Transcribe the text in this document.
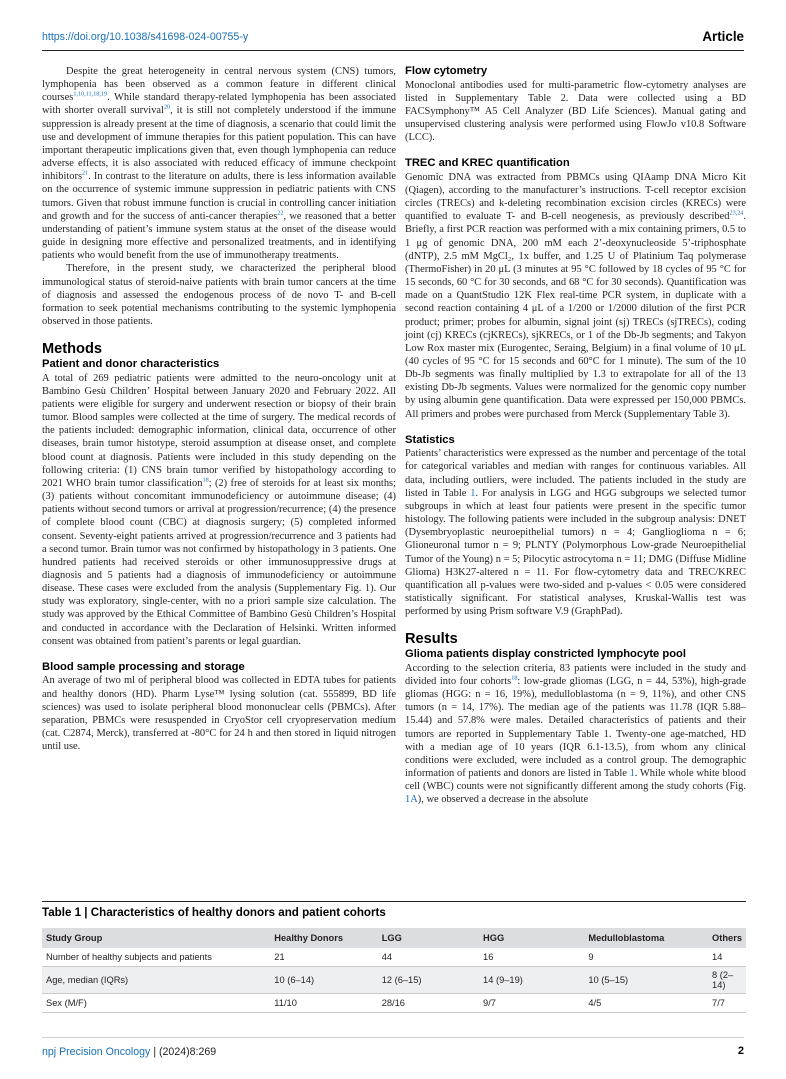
https://doi.org/10.1038/s41698-024-00755-y	Article

Despite the great heterogeneity in central nervous system (CNS) tumors, lymphopenia has been observed as a common feature in different clinical courses$^{1,10,11,18,19}$. While standard therapy-related lymphopenia has been associated with shorter overall survival$^{20}$, it is still not completely understood if the immune suppression is already present at the time of diagnosis, a scenario that could limit the use and development of immune therapies for this patient population. This can have important therapeutic implications given that, even though lymphopenia can reduce adverse effects, it is also associated with reduced efficacy of immune checkpoint inhibitors$^{21}$. In contrast to the literature on adults, there is less information available on the occurrence of systemic immune suppression in pediatric patients with CNS tumors. Given that robust immune function is crucial in controlling cancer initiation and growth and for the success of anti-cancer therapies$^{22}$, we reasoned that a better understanding of patient’s immune system status at the onset of the disease would guide in designing more effective and personalized treatments, and in identifying patients who would benefit from the use of immunotherapy treatments.

Therefore, in the present study, we characterized the peripheral blood immunological status of steroid-naive patients with brain tumor cancers at the time of diagnosis and assessed the endogenous process of de novo T- and B-cell formation to seek potential mechanisms contributing to the systemic lymphopenia observed in those patients.

Methods
Patient and donor characteristics

A total of 269 pediatric patients were admitted to the neuro-oncology unit at Bambino Gesù Children’ Hospital between January 2020 and February 2022. All patients were eligible for surgery and underwent resection or biopsy of their brain tumor. Blood samples were collected at the time of surgery. The medical records of the patients included: demographic information, clinical data, occurrence of other diseases, brain tumor histotype, steroid assumption at disease onset, and complete blood count at diagnosis. Patients were included in this study depending on the following criteria: (1) CNS brain tumor verified by histopathology according to 2021 WHO brain tumor classification$^{18}$; (2) free of steroids for at least six months; (3) patients without concomitant immunodeficiency or autoimmune disease; (4) patients without second tumors or arrival at progression/recurrence; (4) the presence of complete blood count (CBC) at diagnosis surgery; (5) completed informed consent. Seventy-eight patients arrived at progression/recurrence and 3 patients had a second tumor. Brain tumor was not confirmed by histopathology in 3 patients. One hundred patients had received steroids or other immunosuppressive drugs at diagnosis and 5 patients had a diagnosis of immunodeficiency or autoimmune disease. These cases were excluded from the analysis (Supplementary Fig. 1). Our study was exploratory, single-center, with no a priori sample size calculation. The study was approved by the Ethical Committee of Bambino Gesù Children’s Hospital and conducted in accordance with the Declaration of Helsinki. Written informed consent was obtained from patient’s parents or legal guardian.

Blood sample processing and storage

An average of two ml of peripheral blood was collected in EDTA tubes for patients and healthy donors (HD). Pharm Lyse™ lysing solution (cat. 555899, BD life sciences) was used to isolate peripheral blood mononuclear cells (PBMCs). After separation, PBMCs were resuspended in CryoStor cell cryopreservation medium (cat. C2874, Merck), transferred at -80°C for 24 h and then stored in liquid nitrogen until use.

Flow cytometry

Monoclonal antibodies used for multi-parametric flow-cytometry analyses are listed in Supplementary Table 2. Data were collected using a BD FACSymphony™ A5 Cell Analyzer (BD Life Sciences). Manual gating and unsupervised clustering analysis were performed using FlowJo v10.8 Software (LCC).

TREC and KREC quantification

Genomic DNA was extracted from PBMCs using QIAamp DNA Micro Kit (Qiagen), according to the manufacturer’s instructions. T-cell receptor excision circles (TRECs) and k-deleting recombination excision circles (KRECs) were quantified to evaluate T- and B-cell neogenesis, as previously described$^{23,24}$. Briefly, a first PCR reaction was performed with a mix containing primers, 0.5 to 1 μg of genomic DNA, 200 mM each 2’-deoxynucleoside 5’-triphosphate (dNTP), 2.5 mM MgCl₂, 1x buffer, and 1.25 U of Platinium Taq polymerase (ThermoFisher) in 20 μL (3 minutes at 95 °C followed by 18 cycles of 95 °C for 15 seconds, 60 °C for 30 seconds, and 68 °C for 30 seconds). Quantification was made on a QuantStudio 12K Flex real-time PCR system, in duplicate with a second reaction containing 4 μL of a 1/200 or 1/2000 dilution of the first PCR product; primer; probes for albumin, signal joint (sj) TRECs (sjTRECs), coding joint (cj) KRECs (cjKRECs), sjKRECs, or 1 of the Db-Jb segments; and Takyon Low Rox master mix (Eurogentec, Seraing, Belgium) in a final volume of 10 μL (40 cycles of 95 °C for 15 seconds and 60°C for 1 minute). The sum of the 10 Db-Jb segments was finally multiplied by 1.3 to extrapolate for all of the 13 existing Db-Jb segments. Values were normalized for the genomic copy number by using albumin gene quantification. Data were expressed per 150,000 PBMCs. All primers and probes were purchased from Merck (Supplementary Table 3).

Statistics

Patients’ characteristics were expressed as the number and percentage of the total for categorical variables and median with ranges for continuous variables. All data, including outliers, were included. The patients included in the study are listed in Table 1. For analysis in LGG and HGG subgroups we selected tumor subgroups in which at least four patients were present in the specific tumor histology. The following patients were included in the subgroup analysis: DNET (Dysembryoplastic neuroepithelial tumors) n = 4; Ganglioglioma n = 6; Glioneuronal tumor n = 9; PLNTY (Polymorphous Low-grade Neuroepithelial Tumor of the Young) n = 5; Pilocytic astrocytoma n = 11; DMG (Diffuse Midline Glioma) H3K27-altered n = 11. For flow-cytometry data and TREC/KREC quantification all p-values were two-sided and p-values < 0.05 were considered statistically significant. For statistical analyses, Kruskal-Wallis test was performed by using Prism software V.9 (GraphPad).

Results
Glioma patients display constricted lymphocyte pool

According to the selection criteria, 83 patients were included in the study and divided into four cohorts$^{18}$: low-grade gliomas (LGG, n = 44, 53%), high-grade gliomas (HGG: n = 16, 19%), medulloblastoma (n = 9, 11%), and other CNS tumors (n = 14, 17%). The median age of the patients was 11.78 (IQR 5.88–15.44) and 57.8% were males. Detailed characteristics of patients and their tumors are reported in Supplementary Table 1. Twenty-one age-matched, HD with a median age of 10 years (IQR 6.1-13.5), from whom any clinical conditions were excluded, were included as a control group. The demographic information of patients and donors are listed in Table 1. While whole white blood cell (WBC) counts were not significantly different among the study cohorts (Fig. 1A), we observed a decrease in the absolute

Table 1 | Characteristics of healthy donors and patient cohorts
Study Group	Healthy Donors	LGG	HGG	Medulloblastoma	Others
Number of healthy subjects and patients	21	44	16	9	14
Age, median (IQRs)	10 (6–14)	12 (6–15)	14 (9–19)	10 (5–15)	8 (2–14)
Sex (M/F)	11/10	28/16	9/7	4/5	7/7
npj Precision Oncology | (2024)8:269	2
